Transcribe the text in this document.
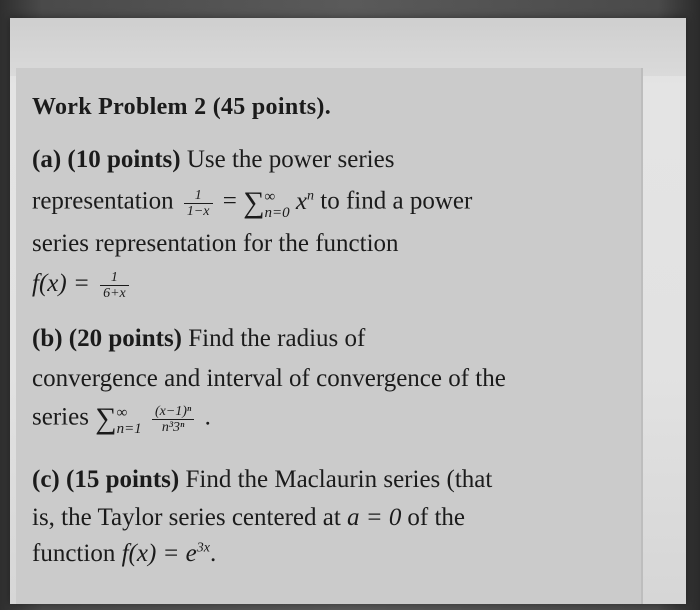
Work Problem 2 (45 points).
(a) (10 points) Use the power series
representation $\frac{1}{1-x}$ = ∑ ∞
n=0 $x^n$ to find a power
series representation for the function
$f(x) = \frac{1}{6+x}$
(b) (20 points) Find the radius of
convergence and interval of convergence of the
series ∑ ∞
n=1
$\frac{\text{(x−1)ⁿ}}{\text{n³3ⁿ}}$ .
(c) (15 points) Find the Maclaurin series (that
is, the Taylor series centered at a = 0 of the
function $f(x) = e^{3x}$.
